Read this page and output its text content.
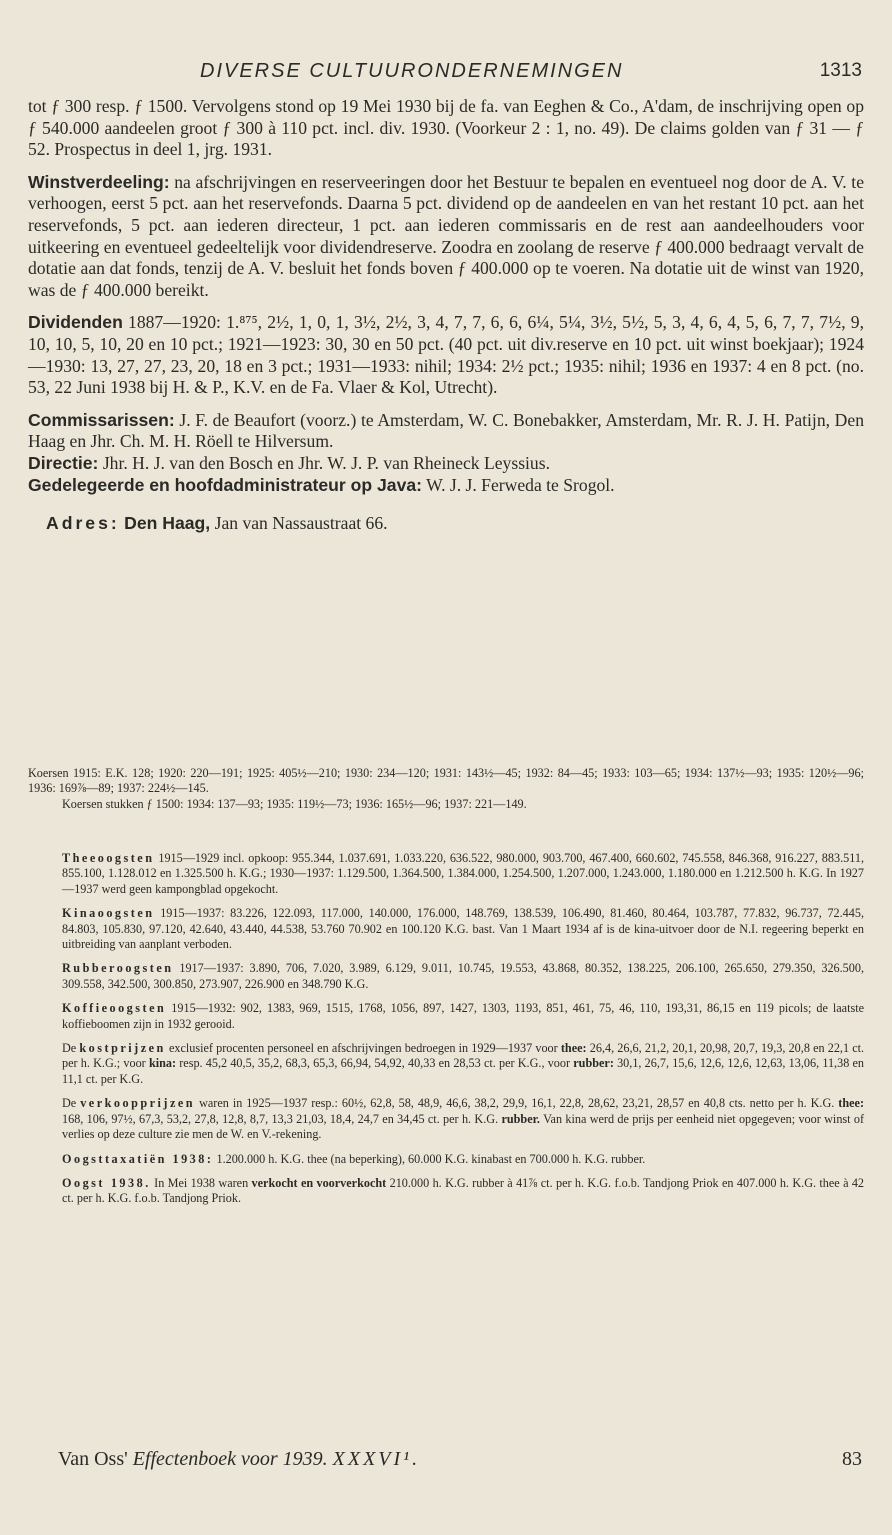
DIVERSE CULTUURONDERNEMINGEN	1313

tot ƒ 300 resp. ƒ 1500. Vervolgens stond op 19 Mei 1930 bij de fa. van Eeghen & Co., A'dam, de inschrijving open op ƒ 540.000 aandeelen groot ƒ 300 à 110 pct. incl. div. 1930. (Voorkeur 2 : 1, no. 49). De claims golden van ƒ 31 — ƒ 52. Prospectus in deel 1, jrg. 1931.

Winstverdeeling: na afschrijvingen en reserveeringen door het Bestuur te bepalen en eventueel nog door de A. V. te verhoogen, eerst 5 pct. aan het reservefonds. Daarna 5 pct. dividend op de aandeelen en van het restant 10 pct. aan het reservefonds, 5 pct. aan iederen directeur, 1 pct. aan iederen commissaris en de rest aan aandeelhouders voor uitkeering en eventueel gedeeltelijk voor dividendreserve. Zoodra en zoolang de reserve ƒ 400.000 bedraagt vervalt de dotatie aan dat fonds, tenzij de A. V. besluit het fonds boven ƒ 400.000 op te voeren. Na dotatie uit de winst van 1920, was de ƒ 400.000 bereikt.

Dividenden 1887—1920: 1.⁸⁷⁵, 2½, 1, 0, 1, 3½, 2½, 3, 4, 7, 7, 6, 6, 6¼, 5¼, 3½, 5½, 5, 3, 4, 6, 4, 5, 6, 7, 7, 7½, 9, 10, 10, 5, 10, 20 en 10 pct.; 1921—1923: 30, 30 en 50 pct. (40 pct. uit div.reserve en 10 pct. uit winst boekjaar); 1924—1930: 13, 27, 27, 23, 20, 18 en 3 pct.; 1931—1933: nihil; 1934: 2½ pct.; 1935: nihil; 1936 en 1937: 4 en 8 pct. (no. 53, 22 Juni 1938 bij H. & P., K.V. en de Fa. Vlaer & Kol, Utrecht).

Commissarissen: J. F. de Beaufort (voorz.) te Amsterdam, W. C. Bonebakker, Amsterdam, Mr. R. J. H. Patijn, Den Haag en Jhr. Ch. M. H. Röell te Hilversum.

Directie: Jhr. H. J. van den Bosch en Jhr. W. J. P. van Rheineck Leyssius.

Gedelegeerde en hoofdadministrateur op Java: W. J. J. Ferweda te Srogol.

Adres: Den Haag, Jan van Nassaustraat 66.

Koersen 1915: E.K. 128; 1920: 220—191; 1925: 405½—210; 1930: 234—120; 1931: 143½—45; 1932: 84—45; 1933: 103—65; 1934: 137½—93; 1935: 120½—96; 1936: 169⅞—89; 1937: 224½—145.

Koersen stukken ƒ 1500: 1934: 137—93; 1935: 119½—73; 1936: 165½—96; 1937: 221—149.

Theeoogsten 1915—1929 incl. opkoop: 955.344, 1.037.691, 1.033.220, 636.522, 980.000, 903.700, 467.400, 660.602, 745.558, 846.368, 916.227, 883.511, 855.100, 1.128.012 en 1.325.500 h. K.G.; 1930—1937: 1.129.500, 1.364.500, 1.384.000, 1.254.500, 1.207.000, 1.243.000, 1.180.000 en 1.212.500 h. K.G. In 1927—1937 werd geen kampongblad opgekocht.

Kinaoogsten 1915—1937: 83.226, 122.093, 117.000, 140.000, 176.000, 148.769, 138.539, 106.490, 81.460, 80.464, 103.787, 77.832, 96.737, 72.445, 84.803, 105.830, 97.120, 42.640, 43.440, 44.538, 53.760 70.902 en 100.120 K.G. bast. Van 1 Maart 1934 af is de kina-uitvoer door de N.I. regeering beperkt en uitbreiding van aanplant verboden.

Rubberoogsten 1917—1937: 3.890, 706, 7.020, 3.989, 6.129, 9.011, 10.745, 19.553, 43.868, 80.352, 138.225, 206.100, 265.650, 279.350, 326.500, 309.558, 342.500, 300.850, 273.907, 226.900 en 348.790 K.G.

Koffieoogsten 1915—1932: 902, 1383, 969, 1515, 1768, 1056, 897, 1427, 1303, 1193, 851, 461, 75, 46, 110, 193,31, 86,15 en 119 picols; de laatste koffieboomen zijn in 1932 gerooid.

De kostprijzen exclusief procenten personeel en afschrijvingen bedroegen in 1929—1937 voor thee: 26,4, 26,6, 21,2, 20,1, 20,98, 20,7, 19,3, 20,8 en 22,1 ct. per h. K.G.; voor kina: resp. 45,2 40,5, 35,2, 68,3, 65,3, 66,94, 54,92, 40,33 en 28,53 ct. per K.G., voor rubber: 30,1, 26,7, 15,6, 12,6, 12,6, 12,63, 13,06, 11,38 en 11,1 ct. per K.G.

De verkoopprijzen waren in 1925—1937 resp.: 60½, 62,8, 58, 48,9, 46,6, 38,2, 29,9, 16,1, 22,8, 28,62, 23,21, 28,57 en 40,8 cts. netto per h. K.G. thee: 168, 106, 97½, 67,3, 53,2, 27,8, 12,8, 8,7, 13,3 21,03, 18,4, 24,7 en 34,45 ct. per h. K.G. rubber. Van kina werd de prijs per eenheid niet opgegeven; voor winst of verlies op deze culture zie men de W. en V.-rekening.

Oogsttaxatiën 1938: 1.200.000 h. K.G. thee (na beperking), 60.000 K.G. kinabast en 700.000 h. K.G. rubber.

Oogst 1938. In Mei 1938 waren verkocht en voorverkocht 210.000 h. K.G. rubber à 41⅞ ct. per h. K.G. f.o.b. Tandjong Priok en 407.000 h. K.G. thee à 42 ct. per h. K.G. f.o.b. Tandjong Priok.

Van Oss' Effectenboek voor 1939. XXXVI¹.	83
